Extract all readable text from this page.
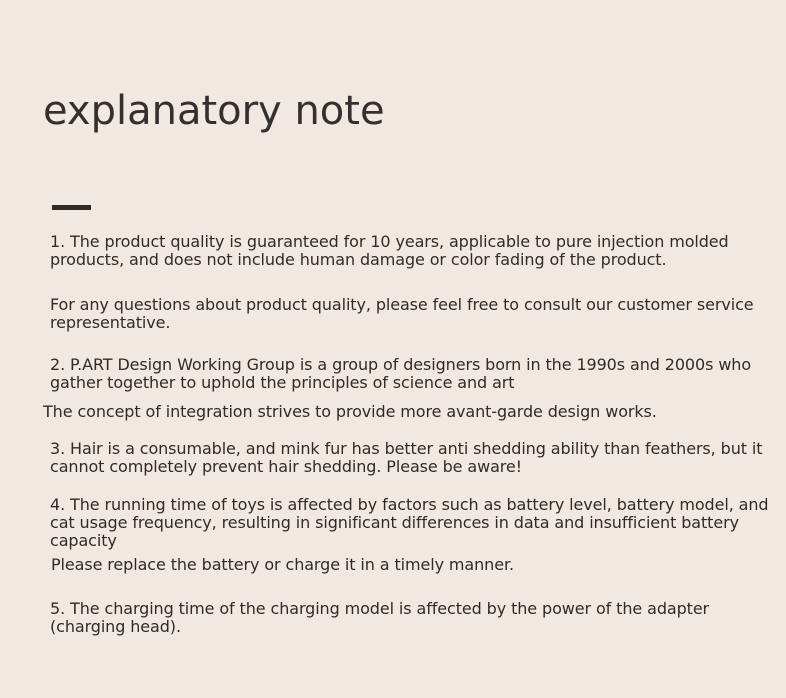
explanatory note

1. The product quality is guaranteed for 10 years, applicable to pure injection molded products, and does not include human damage or color fading of the product.

For any questions about product quality, please feel free to consult our customer service representative.

2. P.ART Design Working Group is a group of designers born in the 1990s and 2000s who gather together to uphold the principles of science and art

The concept of integration strives to provide more avant-garde design works.

3. Hair is a consumable, and mink fur has better anti shedding ability than feathers, but it cannot completely prevent hair shedding. Please be aware!

4. The running time of toys is affected by factors such as battery level, battery model, and cat usage frequency, resulting in significant differences in data and insufficient battery capacity

Please replace the battery or charge it in a timely manner.

5. The charging time of the charging model is affected by the power of the adapter (charging head).
